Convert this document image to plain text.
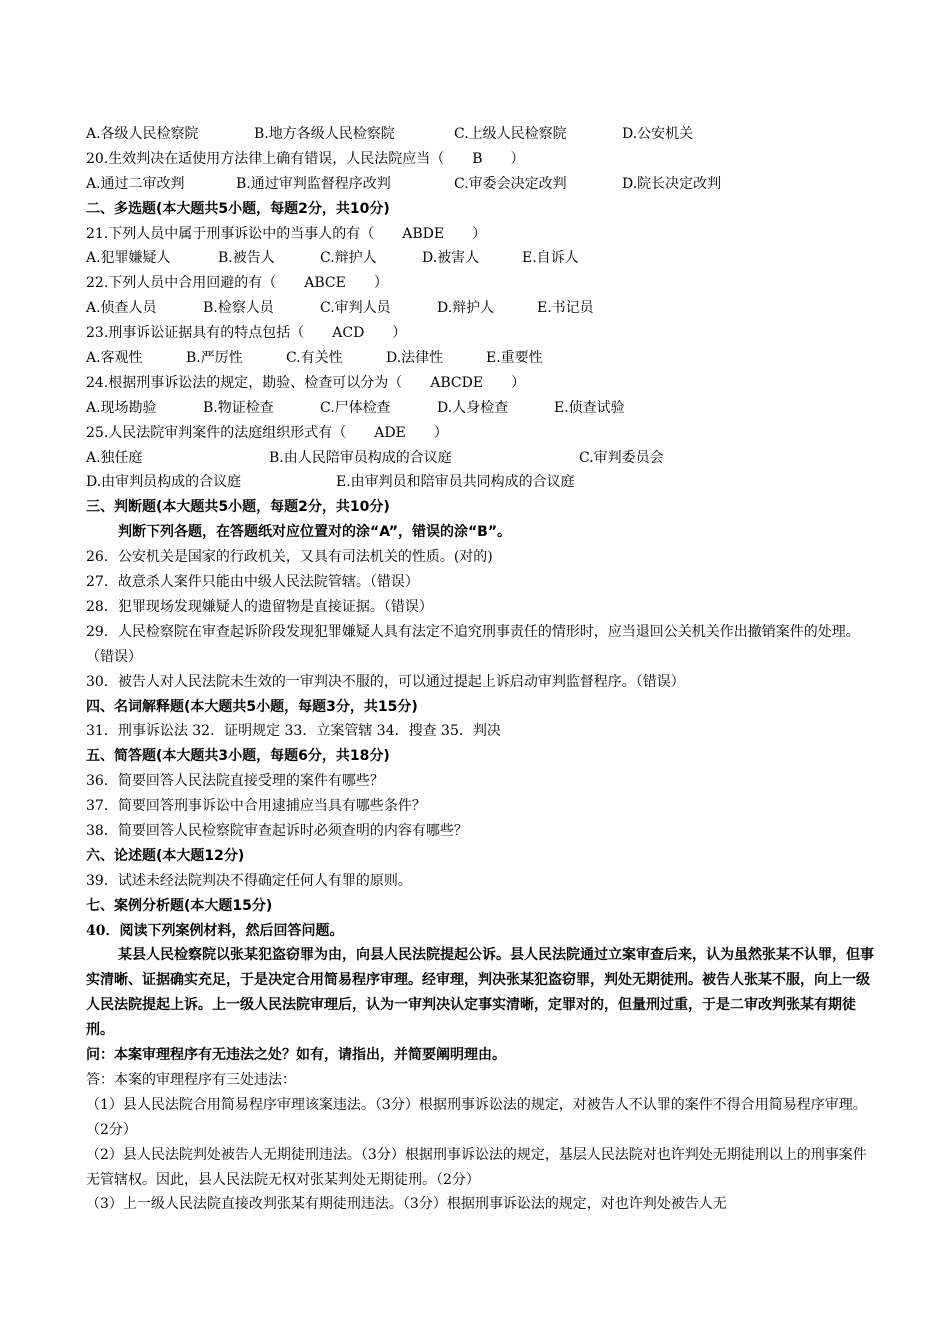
A.各级人民检察院	B.地方各级人民检察院	C.上级人民检察院	D.公安机关
20.生效判决在适使用方法律上确有错误，人民法院应当（　　B　　）
A.通过二审改判	B.通过审判监督程序改判	C.审委会决定改判	D.院长决定改判
二、多选题(本大题共5小题，每题2分，共10分)
21.下列人员中属于刑事诉讼中的当事人的有（　　ABDE　　）
A.犯罪嫌疑人	B.被告人	C.辩护人	D.被害人	E.自诉人
22.下列人员中合用回避的有（　　ABCE　　）
A.侦查人员	B.检察人员	C.审判人员	D.辩护人	E.书记员
23.刑事诉讼证据具有的特点包括（　　ACD　　）
A.客观性	B.严厉性	C.有关性	D.法律性	E.重要性
24.根据刑事诉讼法的规定，勘验、检查可以分为（　　ABCDE　　）
A.现场勘验	B.物证检查	C.尸体检查	D.人身检查	E.侦查试验
25.人民法院审判案件的法庭组织形式有（　　ADE　　）
A.独任庭	B.由人民陪审员构成的合议庭	C.审判委员会
D.由审判员构成的合议庭	E.由审判员和陪审员共同构成的合议庭
三、判断题(本大题共5小题，每题2分，共10分)
判断下列各题，在答题纸对应位置对的涂“A”，错误的涂“B”。
26．公安机关是国家的行政机关，又具有司法机关的性质。(对的)
27．故意杀人案件只能由中级人民法院管辖。（错误）
28．犯罪现场发现嫌疑人的遗留物是直接证据。（错误）
29．人民检察院在审查起诉阶段发现犯罪嫌疑人具有法定不追究刑事责任的情形时，应当退回公关机关作出撤销案件的处理。（错误）
30．被告人对人民法院未生效的一审判决不服的，可以通过提起上诉启动审判监督程序。（错误）
四、名词解释题(本大题共5小题，每题3分，共15分)
31．刑事诉讼法 32．证明规定 33．立案管辖 34．搜查 35．判决
五、简答题(本大题共3小题，每题6分，共18分)
36．简要回答人民法院直接受理的案件有哪些？
37．简要回答刑事诉讼中合用逮捕应当具有哪些条件？
38．简要回答人民检察院审查起诉时必须查明的内容有哪些？
六、论述题(本大题12分)
39．试述未经法院判决不得确定任何人有罪的原则。
七、案例分析题(本大题15分)
40．阅读下列案例材料，然后回答问题。
某县人民检察院以张某犯盗窃罪为由，向县人民法院提起公诉。县人民法院通过立案审查后来，认为虽然张某不认罪，但事实清晰、证据确实充足，于是决定合用简易程序审理。经审理，判决张某犯盗窃罪，判处无期徒刑。被告人张某不服，向上一级人民法院提起上诉。上一级人民法院审理后，认为一审判决认定事实清晰，定罪对的，但量刑过重，于是二审改判张某有期徒刑。
问：本案审理程序有无违法之处？如有，请指出，并简要阐明理由。
答：本案的审理程序有三处违法：
（1）县人民法院合用简易程序审理该案违法。（3分）根据刑事诉讼法的规定，对被告人不认罪的案件不得合用简易程序审理。（2分）
（2）县人民法院判处被告人无期徒刑违法。（3分）根据刑事诉讼法的规定，基层人民法院对也许判处无期徒刑以上的刑事案件无管辖权。因此，县人民法院无权对张某判处无期徒刑。（2分）
（3）上一级人民法院直接改判张某有期徒刑违法。（3分）根据刑事诉讼法的规定，对也许判处被告人无
